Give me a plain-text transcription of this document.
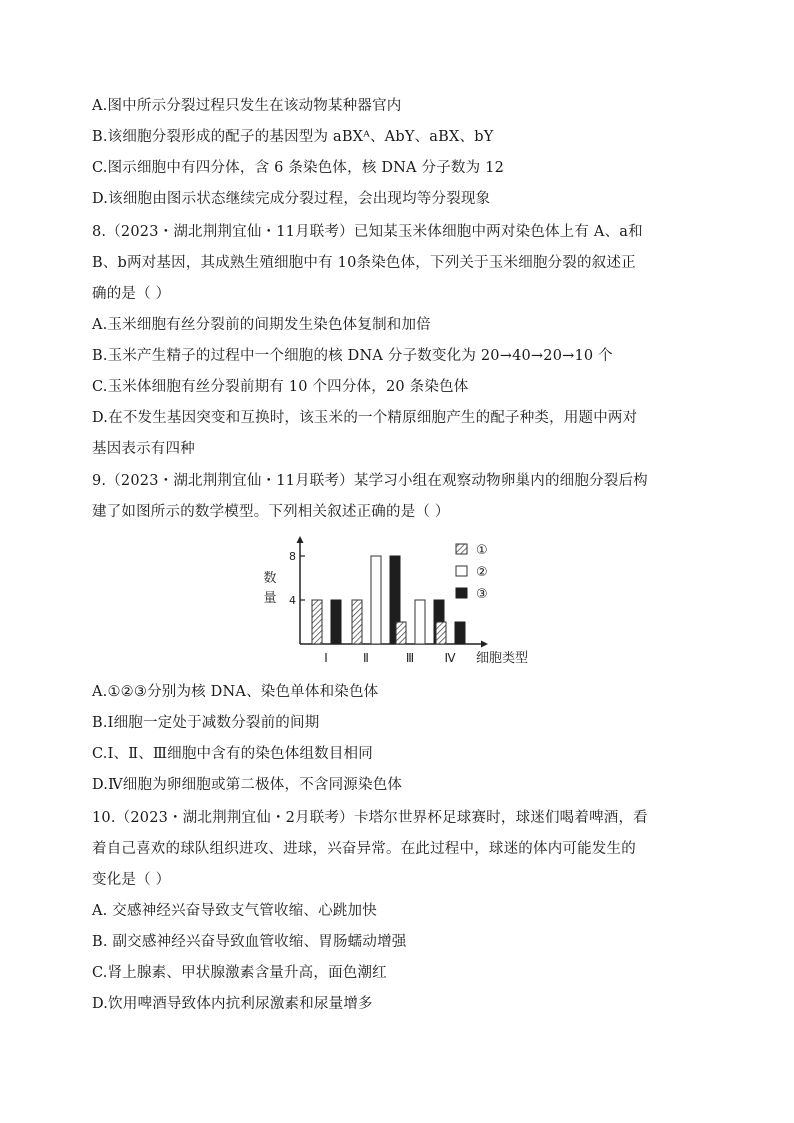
A.图中所示分裂过程只发生在该动物某种器官内
B.该细胞分裂形成的配子的基因型为 aBXᴬ、AbY、aBX、bY
C.图示细胞中有四分体，含 6 条染色体，核 DNA 分子数为 12
D.该细胞由图示状态继续完成分裂过程，会出现均等分裂现象
8.（2023・湖北荆荆宜仙・11月联考）已知某玉米体细胞中两对染色体上有 A、a和
B、b两对基因，其成熟生殖细胞中有 10条染色体，下列关于玉米细胞分裂的叙述正
确的是（ ）
A.玉米细胞有丝分裂前的间期发生染色体复制和加倍
B.玉米产生精子的过程中一个细胞的核 DNA 分子数变化为 20→40→20→10 个
C.玉米体细胞有丝分裂前期有 10 个四分体，20 条染色体
D.在不发生基因突变和互换时，该玉米的一个精原细胞产生的配子种类，用题中两对
基因表示有四种
9.（2023・湖北荆荆宜仙・11月联考）某学习小组在观察动物卵巢内的细胞分裂后构
建了如图所示的数学模型。下列相关叙述正确的是（ ）
4
8
数
量
Ⅰ	Ⅱ	Ⅲ	Ⅳ 细胞类型
①
②
③
A.①②③分别为核 DNA、染色单体和染色体
B.Ⅰ细胞一定处于减数分裂前的间期
C.Ⅰ、Ⅱ、Ⅲ细胞中含有的染色体组数目相同
D.Ⅳ细胞为卵细胞或第二极体，不含同源染色体
10.（2023・湖北荆荆宜仙・2月联考）卡塔尔世界杯足球赛时，球迷们喝着啤酒，看
着自己喜欢的球队组织进攻、进球，兴奋异常。在此过程中，球迷的体内可能发生的
变化是（ ）
A. 交感神经兴奋导致支气管收缩、心跳加快
B. 副交感神经兴奋导致血管收缩、胃肠蠕动增强
C.肾上腺素、甲状腺激素含量升高，面色潮红
D.饮用啤酒导致体内抗利尿激素和尿量增多
